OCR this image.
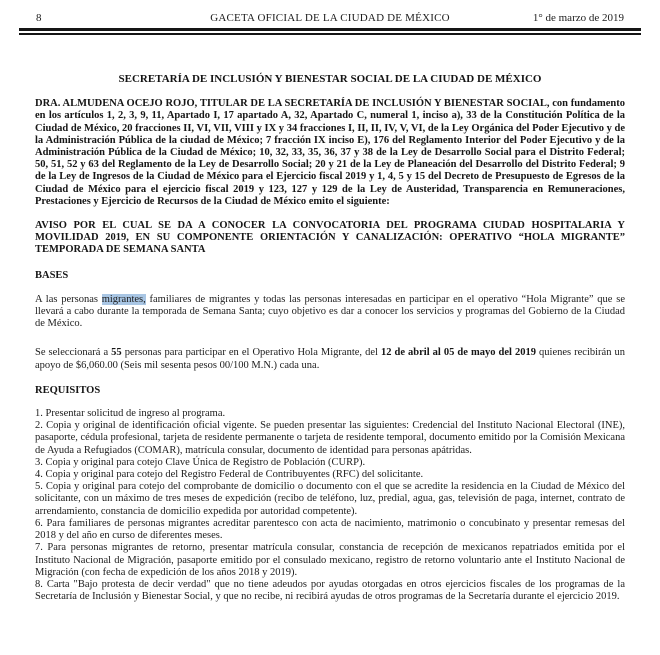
8	GACETA OFICIAL DE LA CIUDAD DE MÉXICO	1° de marzo de 2019

SECRETARÍA DE INCLUSIÓN Y BIENESTAR SOCIAL DE LA CIUDAD DE MÉXICO

DRA. ALMUDENA OCEJO ROJO, TITULAR DE LA SECRETARÍA DE INCLUSIÓN Y BIENESTAR SOCIAL, con fundamento en los artículos 1, 2, 3, 9, 11, Apartado I, 17 apartado A, 32, Apartado C, numeral 1, inciso a), 33 de la Constitución Política de la Ciudad de México, 20 fracciones II, VI, VII, VIII y IX y 34 fracciones I, II, II, IV, V, VI, de la Ley Orgánica del Poder Ejecutivo y de la Administración Pública de la ciudad de México; 7 fracción IX inciso E), 176 del Reglamento Interior del Poder Ejecutivo y de la Administración Pública de la Ciudad de México; 10, 32, 33, 35, 36, 37 y 38 de la Ley de Desarrollo Social para el Distrito Federal; 50, 51, 52 y 63 del Reglamento de la Ley de Desarrollo Social; 20 y 21 de la Ley de Planeación del Desarrollo del Distrito Federal; 9 de la Ley de Ingresos de la Ciudad de México para el Ejercicio fiscal 2019 y 1, 4, 5 y 15 del Decreto de Presupuesto de Egresos de la Ciudad de México para el ejercicio fiscal 2019 y 123, 127 y 129 de la Ley de Austeridad, Transparencia en Remuneraciones, Prestaciones y Ejercicio de Recursos de la Ciudad de México emito el siguiente:

AVISO POR EL CUAL SE DA A CONOCER LA CONVOCATORIA DEL PROGRAMA CIUDAD HOSPITALARIA Y MOVILIDAD 2019, EN SU COMPONENTE ORIENTACIÓN Y CANALIZACIÓN: OPERATIVO “HOLA MIGRANTE” TEMPORADA DE SEMANA SANTA

BASES

A las personas migrantes, familiares de migrantes y todas las personas interesadas en participar en el operativo “Hola Migrante” que se llevará a cabo durante la temporada de Semana Santa; cuyo objetivo es dar a conocer los servicios y programas del Gobierno de la Ciudad de México.

Se seleccionará a 55 personas para participar en el Operativo Hola Migrante, del 12 de abril al 05 de mayo del 2019 quienes recibirán un apoyo de $6,060.00 (Seis mil sesenta pesos 00/100 M.N.) cada una.

REQUISITOS

1. Presentar solicitud de ingreso al programa.

2. Copia y original de identificación oficial vigente. Se pueden presentar las siguientes: Credencial del Instituto Nacional Electoral (INE), pasaporte, cédula profesional, tarjeta de residente permanente o tarjeta de residente temporal, documento emitido por la Comisión Mexicana de Ayuda a Refugiados (COMAR), matrícula consular, documento de identidad para personas apátridas.

3. Copia y original para cotejo Clave Única de Registro de Población (CURP).

4. Copia y original para cotejo del Registro Federal de Contribuyentes (RFC) del solicitante.

5. Copia y original para cotejo del comprobante de domicilio o documento con el que se acredite la residencia en la Ciudad de México del solicitante, con un máximo de tres meses de expedición (recibo de teléfono, luz, predial, agua, gas, televisión de paga, internet, contrato de arrendamiento, constancia de domicilio expedida por autoridad competente).

6. Para familiares de personas migrantes acreditar parentesco con acta de nacimiento, matrimonio o concubinato y presentar remesas del 2018 y del año en curso de diferentes meses.

7. Para personas migrantes de retorno, presentar matrícula consular, constancia de recepción de mexicanos repatriados emitida por el Instituto Nacional de Migración, pasaporte emitido por el consulado mexicano, registro de retorno voluntario ante el Instituto Nacional de Migración (con fecha de expedición de los años 2018 y 2019).

8. Carta "Bajo protesta de decir verdad" que no tiene adeudos por ayudas otorgadas en otros ejercicios fiscales de los programas de la Secretaría de Inclusión y Bienestar Social, y que no recibe, ni recibirá ayudas de otros programas de la Secretaría durante el ejercicio 2019.
